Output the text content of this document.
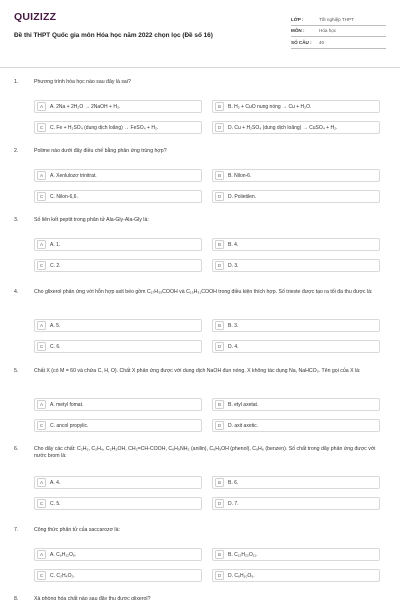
QUIZIZZ
Đề thi THPT Quốc gia môn Hóa học năm 2022 chọn lọc (Đề số 16)
LỚP :	Tốt nghiệp THPT
MÔN :	Hóa học
SỐ CÂU :	40
1.	Phương trình hóa học nào sau đây là sai?
A	A. 2Na + 2H₂O → 2NaOH + H₂.	B	B. H₂ + CuO nung nóng → Cu + H₂O.
C	C. Fe + H₂SO₄ (dung dịch loãng) → FeSO₄ + H₂.	D	D. Cu + H₂SO₄ (dung dịch loãng) → CuSO₄ + H₂.
2.	Polime nào dưới đây điều chế bằng phản ứng trùng hợp?
A	A. Xenlulozơ trinitrat.	B	B. Nilon-6.
C	C. Nilon-6,6.	D	D. Polietilen.
3.	Số liên kết peptit trong phân tử Ala-Gly-Ala-Gly là:
A	A. 1.	B	B. 4.
C	C. 2.	D	D. 3.
4.	Cho glixerol phản ứng với hỗn hợp axit béo gồm C₁₇H₃₅COOH và C₁₅H₃₁COOH trong điều kiện thích hợp. Số trieste được tạo ra tối đa thu được là:
A	A. 5.	B	B. 3.
C	C. 6.	D	D. 4.
5.	Chất X (có M = 60 và chứa C, H, O). Chất X phản ứng được với dung dịch NaOH đun nóng. X không tác dụng Na, NaHCO₃. Tên gọi của X là:
A	A. metyl fomat.	B	B. etyl axetat.
C	C. ancol propylic.	D	D. axit axetic.
6.	Cho dãy các chất: C₂H₂, C₂H₄, C₂H₅OH, CH₂=CH-COOH, C₆H₅NH₂ (anilin), C₆H₅OH (phenol), C₆H₆ (benzen). Số chất trong dãy phản ứng được với nước brom là:
A	A. 4.	B	B. 6.
C	C. 5.	D	D. 7.
7.	Công thức phân tử của saccarozơ là:
A	A. C₆H₁₂O₆.	B	B. C₁₂H₂₂O₁₁.
C	C. C₂H₄O₂.	D	D. C₆H₁₀O₅.
8.	Xà phòng hóa chất nào sau đây thu được glixerol?
